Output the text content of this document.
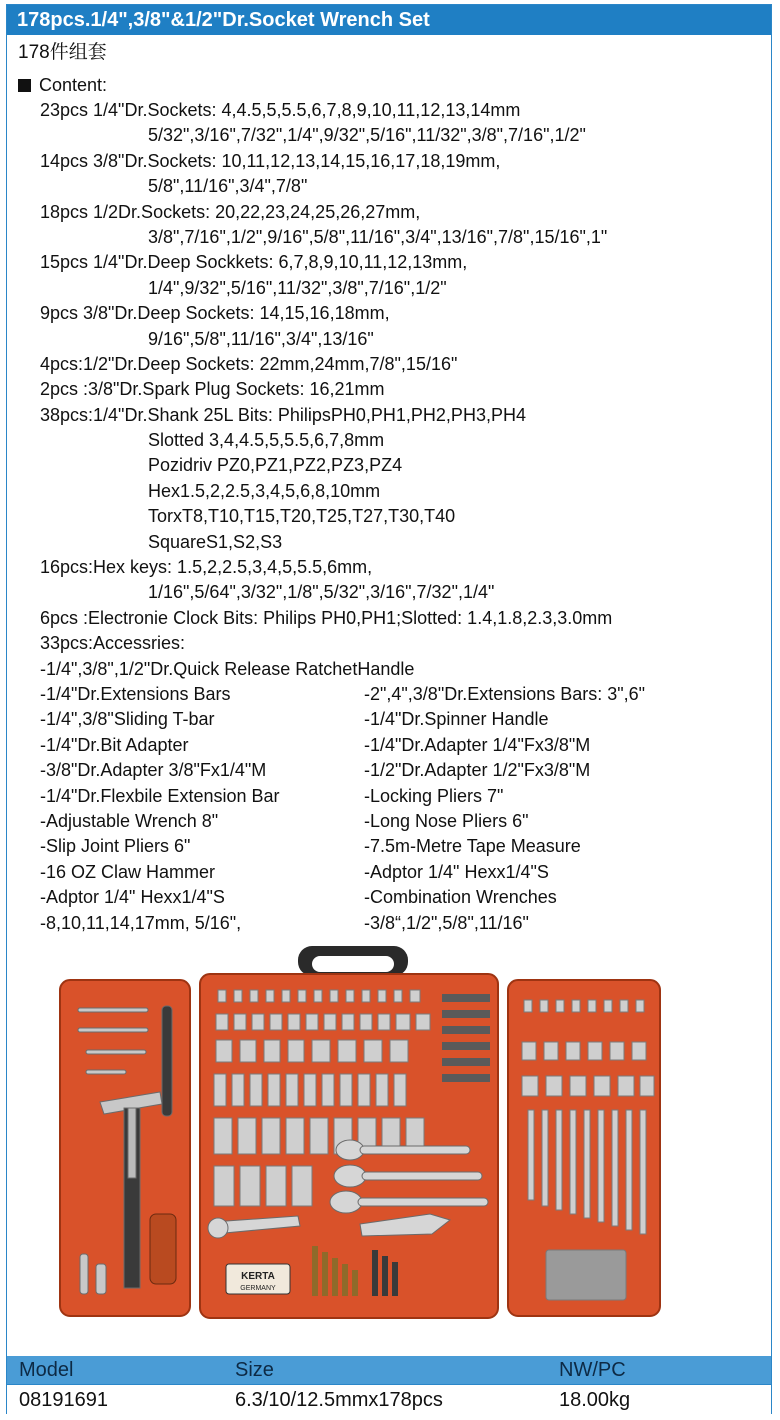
178pcs.1/4",3/8"&1/2"Dr.Socket Wrench Set
178件组套
Content:
23pcs 1/4"Dr.Sockets: 4,4.5,5,5.5,6,7,8,9,10,11,12,13,14mm
5/32",3/16",7/32",1/4",9/32",5/16",11/32",3/8",7/16",1/2"
14pcs 3/8"Dr.Sockets: 10,11,12,13,14,15,16,17,18,19mm,
5/8",11/16",3/4",7/8"
18pcs 1/2Dr.Sockets: 20,22,23,24,25,26,27mm,
3/8",7/16",1/2",9/16",5/8",11/16",3/4",13/16",7/8",15/16",1"
15pcs 1/4"Dr.Deep Sockkets: 6,7,8,9,10,11,12,13mm,
1/4",9/32",5/16",11/32",3/8",7/16",1/2"
9pcs 3/8"Dr.Deep Sockets: 14,15,16,18mm,
9/16",5/8",11/16",3/4",13/16"
4pcs:1/2"Dr.Deep Sockets: 22mm,24mm,7/8",15/16"
2pcs :3/8"Dr.Spark Plug Sockets: 16,21mm
38pcs:1/4"Dr.Shank 25L Bits: PhilipsPH0,PH1,PH2,PH3,PH4
Slotted 3,4,4.5,5,5.5,6,7,8mm
Pozidriv PZ0,PZ1,PZ2,PZ3,PZ4
Hex1.5,2,2.5,3,4,5,6,8,10mm
TorxT8,T10,T15,T20,T25,T27,T30,T40
SquareS1,S2,S3
16pcs:Hex keys: 1.5,2,2.5,3,4,5,5.5,6mm,
1/16",5/64",3/32",1/8",5/32",3/16",7/32",1/4"
6pcs :Electronie Clock Bits: Philips PH0,PH1;Slotted: 1.4,1.8,2.3,3.0mm
33pcs:Accessries:
-1/4",3/8",1/2"Dr.Quick Release RatchetHandle
-1/4"Dr.Extensions Bars	-2",4",3/8"Dr.Extensions Bars: 3",6"
-1/4",3/8"Sliding T-bar	-1/4"Dr.Spinner Handle
-1/4"Dr.Bit Adapter	-1/4"Dr.Adapter 1/4"Fx3/8"M
-3/8"Dr.Adapter 3/8"Fx1/4"M	-1/2"Dr.Adapter 1/2"Fx3/8"M
-1/4"Dr.Flexbile Extension Bar	-Locking Pliers 7"
-Adjustable Wrench 8"	-Long Nose Pliers 6"
-Slip Joint Pliers 6"	-7.5m-Metre Tape Measure
-16 OZ Claw Hammer	-Adptor 1/4" Hexx1/4"S
-Adptor 1/4" Hexx1/4"S	-Combination Wrenches
-8,10,11,14,17mm, 5/16",	-3/8“,1/2",5/8",11/16"
KERTA
GERMANY
Model	Size	NW/PC
08191691	6.3/10/12.5mmx178pcs	18.00kg
